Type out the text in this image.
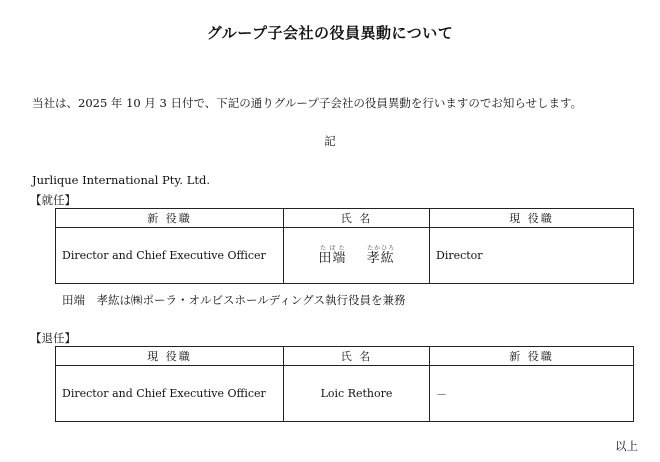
グループ子会社の役員異動について
当社は、2025 年 10 月 3 日付で、下記の通りグループ子会社の役員異動を行いますのでお知らせします。
記
Jurlique International Pty. Ltd.
【就任】
新 役職	氏 名	現 役職
Director and Chief Executive Officer	田端たばた  孝紘たかひろ	Director
田端　孝紘は㈱ポーラ・オルビスホールディングス執行役員を兼務
【退任】
現 役職	氏 名	新 役職
Director and Chief Executive Officer	Loic Rethore	－
以上
